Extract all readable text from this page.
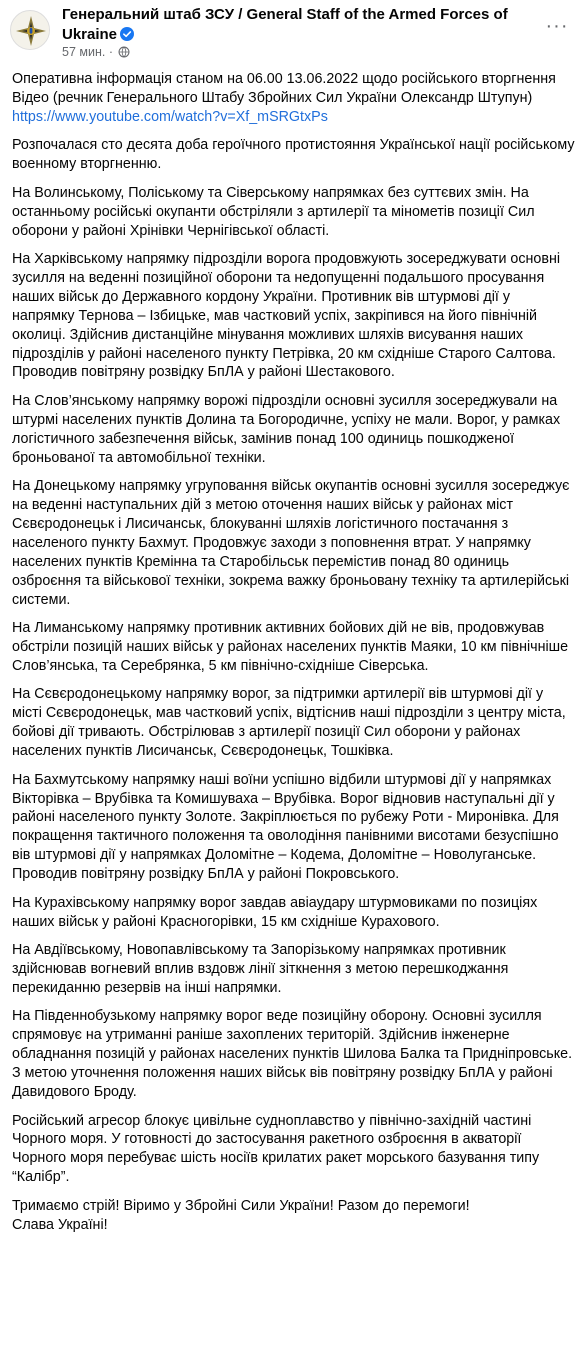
Генеральний штаб ЗСУ / General Staff of the Armed Forces of Ukraine
57 мин. ·
···

Оперативна інформація станом на 06.00 13.06.2022 щодо російського вторгнення
Відео (речник Генерального Штабу Збройних Сил України Олександр Штупун)
https://www.youtube.com/watch?v=Xf_mSRGtxPs

Розпочалася сто десята доба героїчного протистояння Української нації російському военному вторгненню.

На Волинському, Поліському та Сіверському напрямках без суттєвих змін. На останньому російські окупанти обстріляли з артилерії та мінометів позиції Сил оборони у районі Хрінівки Чернігівської області.

На Харківському напрямку підрозділи ворога продовжують зосереджувати основні зусилля на веденні позиційної оборони та недопущенні подальшого просування наших військ до Державного кордону України. Противник вів штурмові дії у напрямку Тернова – Ізбицьке, мав частковий успіх, закріпився на його північній околиці. Здійснив дистанційне мінування можливих шляхів висування наших підрозділів у районі населеного пункту Петрівка, 20 км східніше Старого Салтова. Проводив повітряну розвідку БпЛА у районі Шестакового.

На Слов’янському напрямку ворожі підрозділи основні зусилля зосереджували на штурмі населених пунктів Долина та Богородичне, успіху не мали. Ворог, у рамках логістичного забезпечення військ, замінив понад 100 одиниць пошкодженої броньованої та автомобільної техніки.

На Донецькому напрямку угруповання військ окупантів основні зусилля зосереджує на веденні наступальних дій з метою оточення наших військ у районах міст Сєвєродонецьк і Лисичанськ, блокуванні шляхів логістичного постачання з населеного пункту Бахмут. Продовжує заходи з поповнення втрат. У напрямку населених пунктів Кремінна та Старобільськ перемістив понад 80 одиниць озброєння та військової техніки, зокрема важку броньовану техніку та артилерійські системи.

На Лиманському напрямку противник активних бойових дій не вів, продовжував обстріли позицій наших військ у районах населених пунктів Маяки, 10 км північніше Слов’янська, та Серебрянка, 5 км північно-східніше Сіверська.

На Сєвєродонецькому напрямку ворог, за підтримки артилерії вів штурмові дії у місті Сєвєродонецьк, мав частковий успіх, відтіснив наші підрозділи з центру міста, бойові дії тривають. Обстрілював з артилерії позиції Сил оборони у районах населених пунктів Лисичанськ, Сєвєродонецьк, Тошківка.

На Бахмутському напрямку наші воїни успішно відбили штурмові дії у напрямках Вікторівка – Врубівка та Комишуваха – Врубівка. Ворог відновив наступальні дії у районі населеного пункту Золоте. Закріплюється по рубежу Роти - Миронівка. Для покращення тактичного положення та оволодіння панівними висотами безуспішно вів штурмові дії у напрямках Доломітне – Кодема, Доломітне – Новолуганське. Проводив повітряну розвідку БпЛА у районі Покровського.

На Курахівському напрямку ворог завдав авіаудару штурмовиками по позиціях наших військ у районі Красногорівки, 15 км східніше Курахового.

На Авдіївському, Новопавлівському та Запорізькому напрямках противник здійснював вогневий вплив вздовж лінії зіткнення з метою перешкоджання перекиданню резервів на інші напрямки.

На Південнобузькому напрямку ворог веде позиційну оборону. Основні зусилля спрямовує на утриманні раніше захоплених територій. Здійснив інженерне обладнання позицій у районах населених пунктів Шилова Балка та Придніпровське. З метою уточнення положення наших військ вів повітряну розвідку БпЛА у районі Давидового Броду.

Російський агресор блокує цивільне судноплавство у північно-західній частині Чорного моря. У готовності до застосування ракетного озброєння в акваторії Чорного моря перебуває шість носіїв крилатих ракет морського базування типу “Калібр”.

Тримаємо стрій! Віримо у Збройні Сили України! Разом до перемоги!
Слава Україні!
